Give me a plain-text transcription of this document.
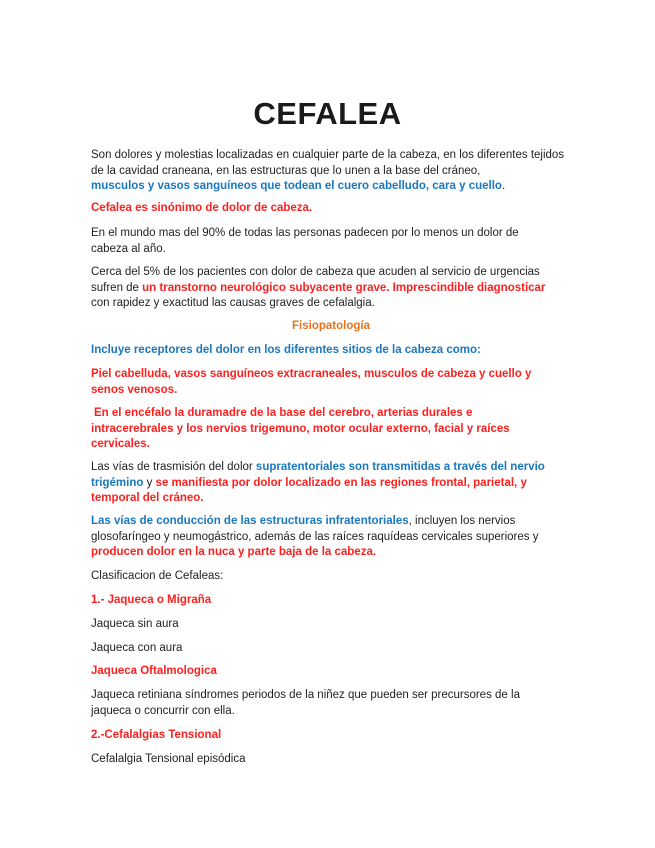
CEFALEA
Son dolores y molestias localizadas en cualquier parte de la cabeza, en los diferentes tejidos de la cavidad craneana, en las estructuras que lo unen a la base del cráneo,
musculos y vasos sanguíneos que todean el cuero cabelludo, cara y cuello.
Cefalea es sinónimo de dolor de cabeza.
En el mundo mas del 90% de todas las personas padecen por lo menos un dolor de cabeza al año.
Cerca del 5% de los pacientes con dolor de cabeza que acuden al servicio de urgencias sufren de un transtorno neurológico subyacente grave. Imprescindible diagnosticar con rapidez y exactitud las causas graves de cefalalgia.
Fisiopatología
Incluye receptores del dolor en los diferentes sitios de la cabeza como:
Piel cabelluda, vasos sanguíneos extracraneales, musculos de cabeza y cuello y senos venosos.
En el encéfalo la duramadre de la base del cerebro, arterias durales e intracerebrales y los nervios trigemuno, motor ocular externo, facial y raíces cervicales.
Las vías de trasmisión del dolor supratentoriales son transmitidas a través del nervio trigémino y se manifiesta por dolor localizado en las regiones frontal, parietal, y temporal del cráneo.
Las vías de conducción de las estructuras infratentoriales, incluyen los nervios glosofaríngeo y neumogástrico, además de las raíces raquídeas cervicales superiores y producen dolor en la nuca y parte baja de la cabeza.
Clasificacion de Cefaleas:
1.- Jaqueca o Migraña
Jaqueca sin aura
Jaqueca con aura
Jaqueca Oftalmologica
Jaqueca retiniana síndromes periodos de la niñez que pueden ser precursores de la jaqueca o concurrir con ella.
2.-Cefalalgias Tensional
Cefalalgia Tensional episódica
